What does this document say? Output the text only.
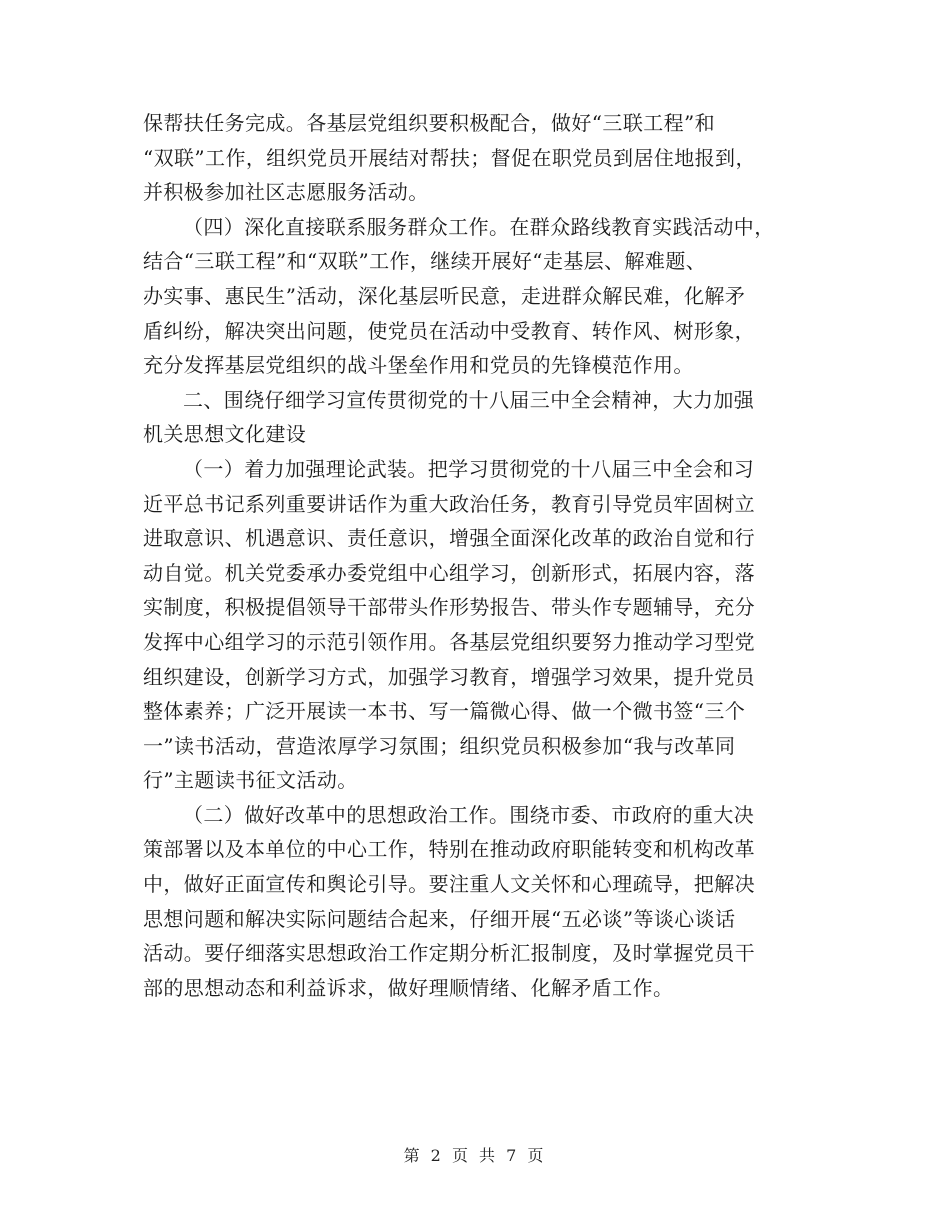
保帮扶任务完成。各基层党组织要积极配合，做好“三联工程”和
“双联”工作，组织党员开展结对帮扶；督促在职党员到居住地报到，
并积极参加社区志愿服务活动。
（四）深化直接联系服务群众工作。在群众路线教育实践活动中，
结合“三联工程”和“双联”工作，继续开展好“走基层、解难题、
办实事、惠民生”活动，深化基层听民意，走进群众解民难，化解矛
盾纠纷，解决突出问题，使党员在活动中受教育、转作风、树形象，
充分发挥基层党组织的战斗堡垒作用和党员的先锋模范作用。
二、围绕仔细学习宣传贯彻党的十八届三中全会精神，大力加强
机关思想文化建设
（一）着力加强理论武装。把学习贯彻党的十八届三中全会和习
近平总书记系列重要讲话作为重大政治任务，教育引导党员牢固树立
进取意识、机遇意识、责任意识，增强全面深化改革的政治自觉和行
动自觉。机关党委承办委党组中心组学习，创新形式，拓展内容，落
实制度，积极提倡领导干部带头作形势报告、带头作专题辅导，充分
发挥中心组学习的示范引领作用。各基层党组织要努力推动学习型党
组织建设，创新学习方式，加强学习教育，增强学习效果，提升党员
整体素养；广泛开展读一本书、写一篇微心得、做一个微书签“三个
一”读书活动，营造浓厚学习氛围；组织党员积极参加“我与改革同
行”主题读书征文活动。
（二）做好改革中的思想政治工作。围绕市委、市政府的重大决
策部署以及本单位的中心工作，特别在推动政府职能转变和机构改革
中，做好正面宣传和舆论引导。要注重人文关怀和心理疏导，把解决
思想问题和解决实际问题结合起来，仔细开展“五必谈”等谈心谈话
活动。要仔细落实思想政治工作定期分析汇报制度，及时掌握党员干
部的思想动态和利益诉求，做好理顺情绪、化解矛盾工作。
第 2 页 共 7 页
